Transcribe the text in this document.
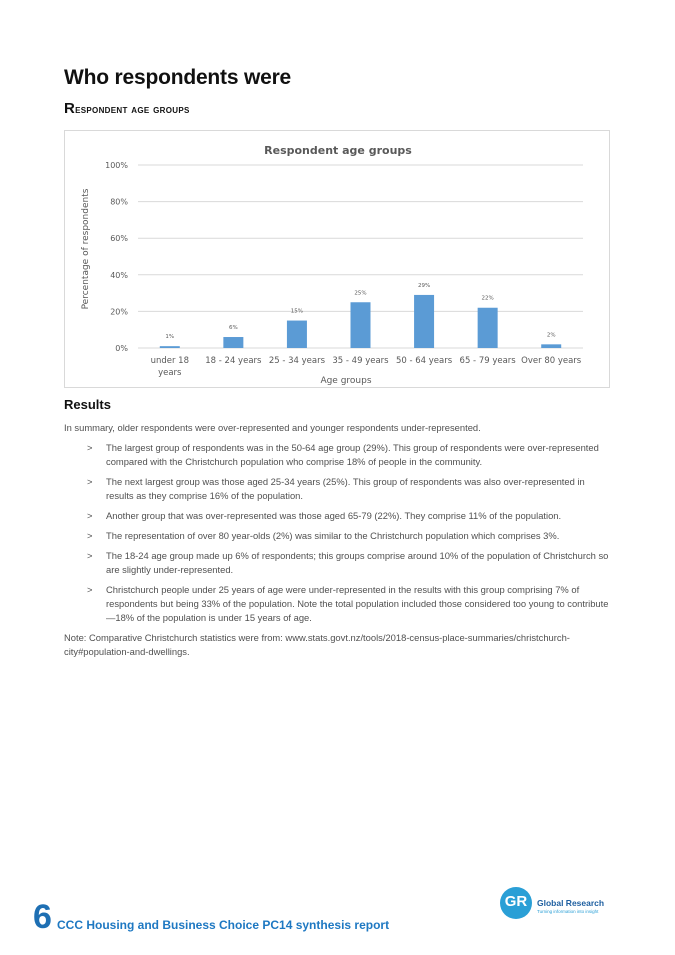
Who respondents were
Respondent age groups
Respondent age groups
Percentage of respondents
Age groups
0%
20%
40%
60%
80%
100%
1%
under 18
years
6%
18 - 24 years
15%
25 - 34 years
25%
35 - 49 years
29%
50 - 64 years
22%
65 - 79 years
2%
Over 80 years
Results

In summary, older respondents were over-represented and younger respondents under-represented.

> The largest group of respondents was in the 50-64 age group (29%). This group of respondents were over-represented compared with the Christchurch population who comprise 18% of people in the community.
> The next largest group was those aged 25-34 years (25%). This group of respondents was also over-represented in results as they comprise 16% of the population.
> Another group that was over-represented was those aged 65-79 (22%). They comprise 11% of the population.
> The representation of over 80 year-olds (2%) was similar to the Christchurch population which comprises 3%.
> The 18-24 age group made up 6% of respondents; this groups comprise around 10% of the population of Christchurch so are slightly under-represented.
> Christchurch people under 25 years of age were under-represented in the results with this group comprising 7% of respondents but being 33% of the population. Note the total population included those considered too young to contribute—18% of the population is under 15 years of age.

Note: Comparative Christchurch statistics were from: www.stats.govt.nz/tools/2018-census-place-summaries/christchurch-city#population-and-dwellings.

6 CCC Housing and Business Choice PC14 synthesis report
GR	Global Research
Turning information into insight
